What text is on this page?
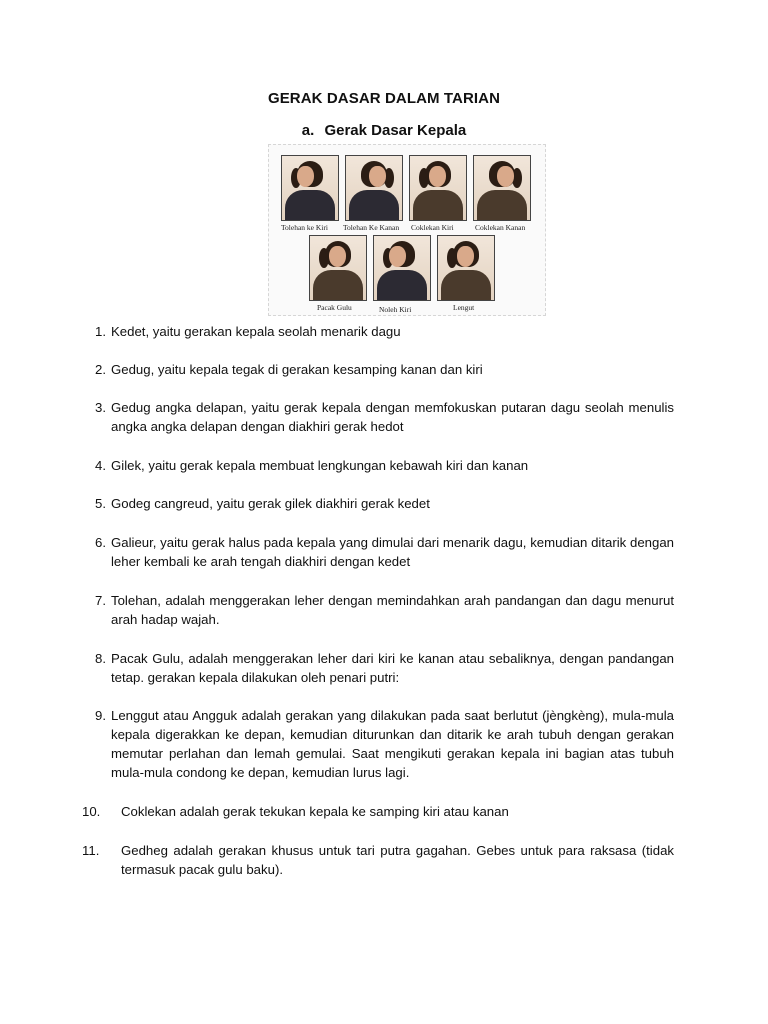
GERAK DASAR DALAM TARIAN
a. Gerak Dasar Kepala
Tolehan ke Kiri Tolehan Ke Kanan Coklekan Kiri	Coklekan Kanan
Pacak Gulu	Noleh Kiri	Lengut
1. Kedet, yaitu gerakan kepala seolah menarik dagu
2. Gedug, yaitu kepala tegak di gerakan kesamping kanan dan kiri
3. Gedug angka delapan, yaitu gerak kepala dengan memfokuskan putaran dagu seolah menulis angka angka delapan dengan diakhiri gerak hedot
4. Gilek, yaitu gerak kepala membuat lengkungan kebawah kiri dan kanan
5. Godeg cangreud, yaitu gerak gilek diakhiri gerak kedet
6. Galieur, yaitu gerak halus pada kepala yang dimulai dari menarik dagu, kemudian ditarik dengan leher kembali ke arah tengah diakhiri dengan kedet
7. Tolehan, adalah menggerakan leher dengan memindahkan arah pandangan dan dagu menurut arah hadap wajah.
8. Pacak Gulu, adalah menggerakan leher dari kiri ke kanan atau sebaliknya, dengan pandangan tetap. gerakan kepala dilakukan oleh penari putri:
9. Lenggut atau Angguk adalah gerakan yang dilakukan pada saat berlutut (jèngkèng), mula-mula kepala digerakkan ke depan, kemudian diturunkan dan ditarik ke arah tubuh dengan gerakan memutar perlahan dan lemah gemulai. Saat mengikuti gerakan kepala ini bagian atas tubuh mula-mula condong ke depan, kemudian lurus lagi.
10.	Coklekan adalah gerak tekukan kepala ke samping kiri atau kanan
11.	Gedheg adalah gerakan khusus untuk tari putra gagahan. Gebes untuk para raksasa (tidak termasuk pacak gulu baku).
